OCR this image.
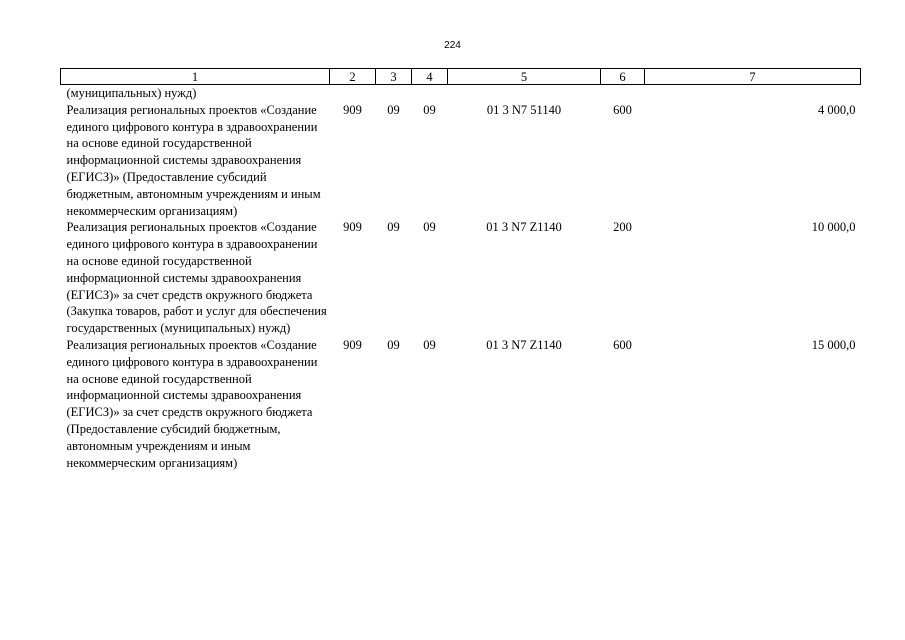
224
1	2	3	4	5	6	7
(муниципальных) нужд)						
Реализация региональных проектов «Создание единого цифрового контура в здравоохранении на основе единой государственной информационной системы здравоохранения (ЕГИСЗ)» (Предоставление субсидий бюджетным, автономным учреждениям и иным некоммерческим организациям)	909	09	09	01 3 N7 51140	600	4 000,0
Реализация региональных проектов «Создание единого цифрового контура в здравоохранении на основе единой государственной информационной системы здравоохранения (ЕГИСЗ)» за счет средств окружного бюджета (Закупка товаров, работ и услуг для обеспечения государственных (муниципальных) нужд)	909	09	09	01 3 N7 Z1140	200	10 000,0
Реализация региональных проектов «Создание единого цифрового контура в здравоохранении на основе единой государственной информационной системы здравоохранения (ЕГИСЗ)» за счет средств окружного бюджета (Предоставление субсидий бюджетным, автономным учреждениям и иным некоммерческим организациям)	909	09	09	01 3 N7 Z1140	600	15 000,0
